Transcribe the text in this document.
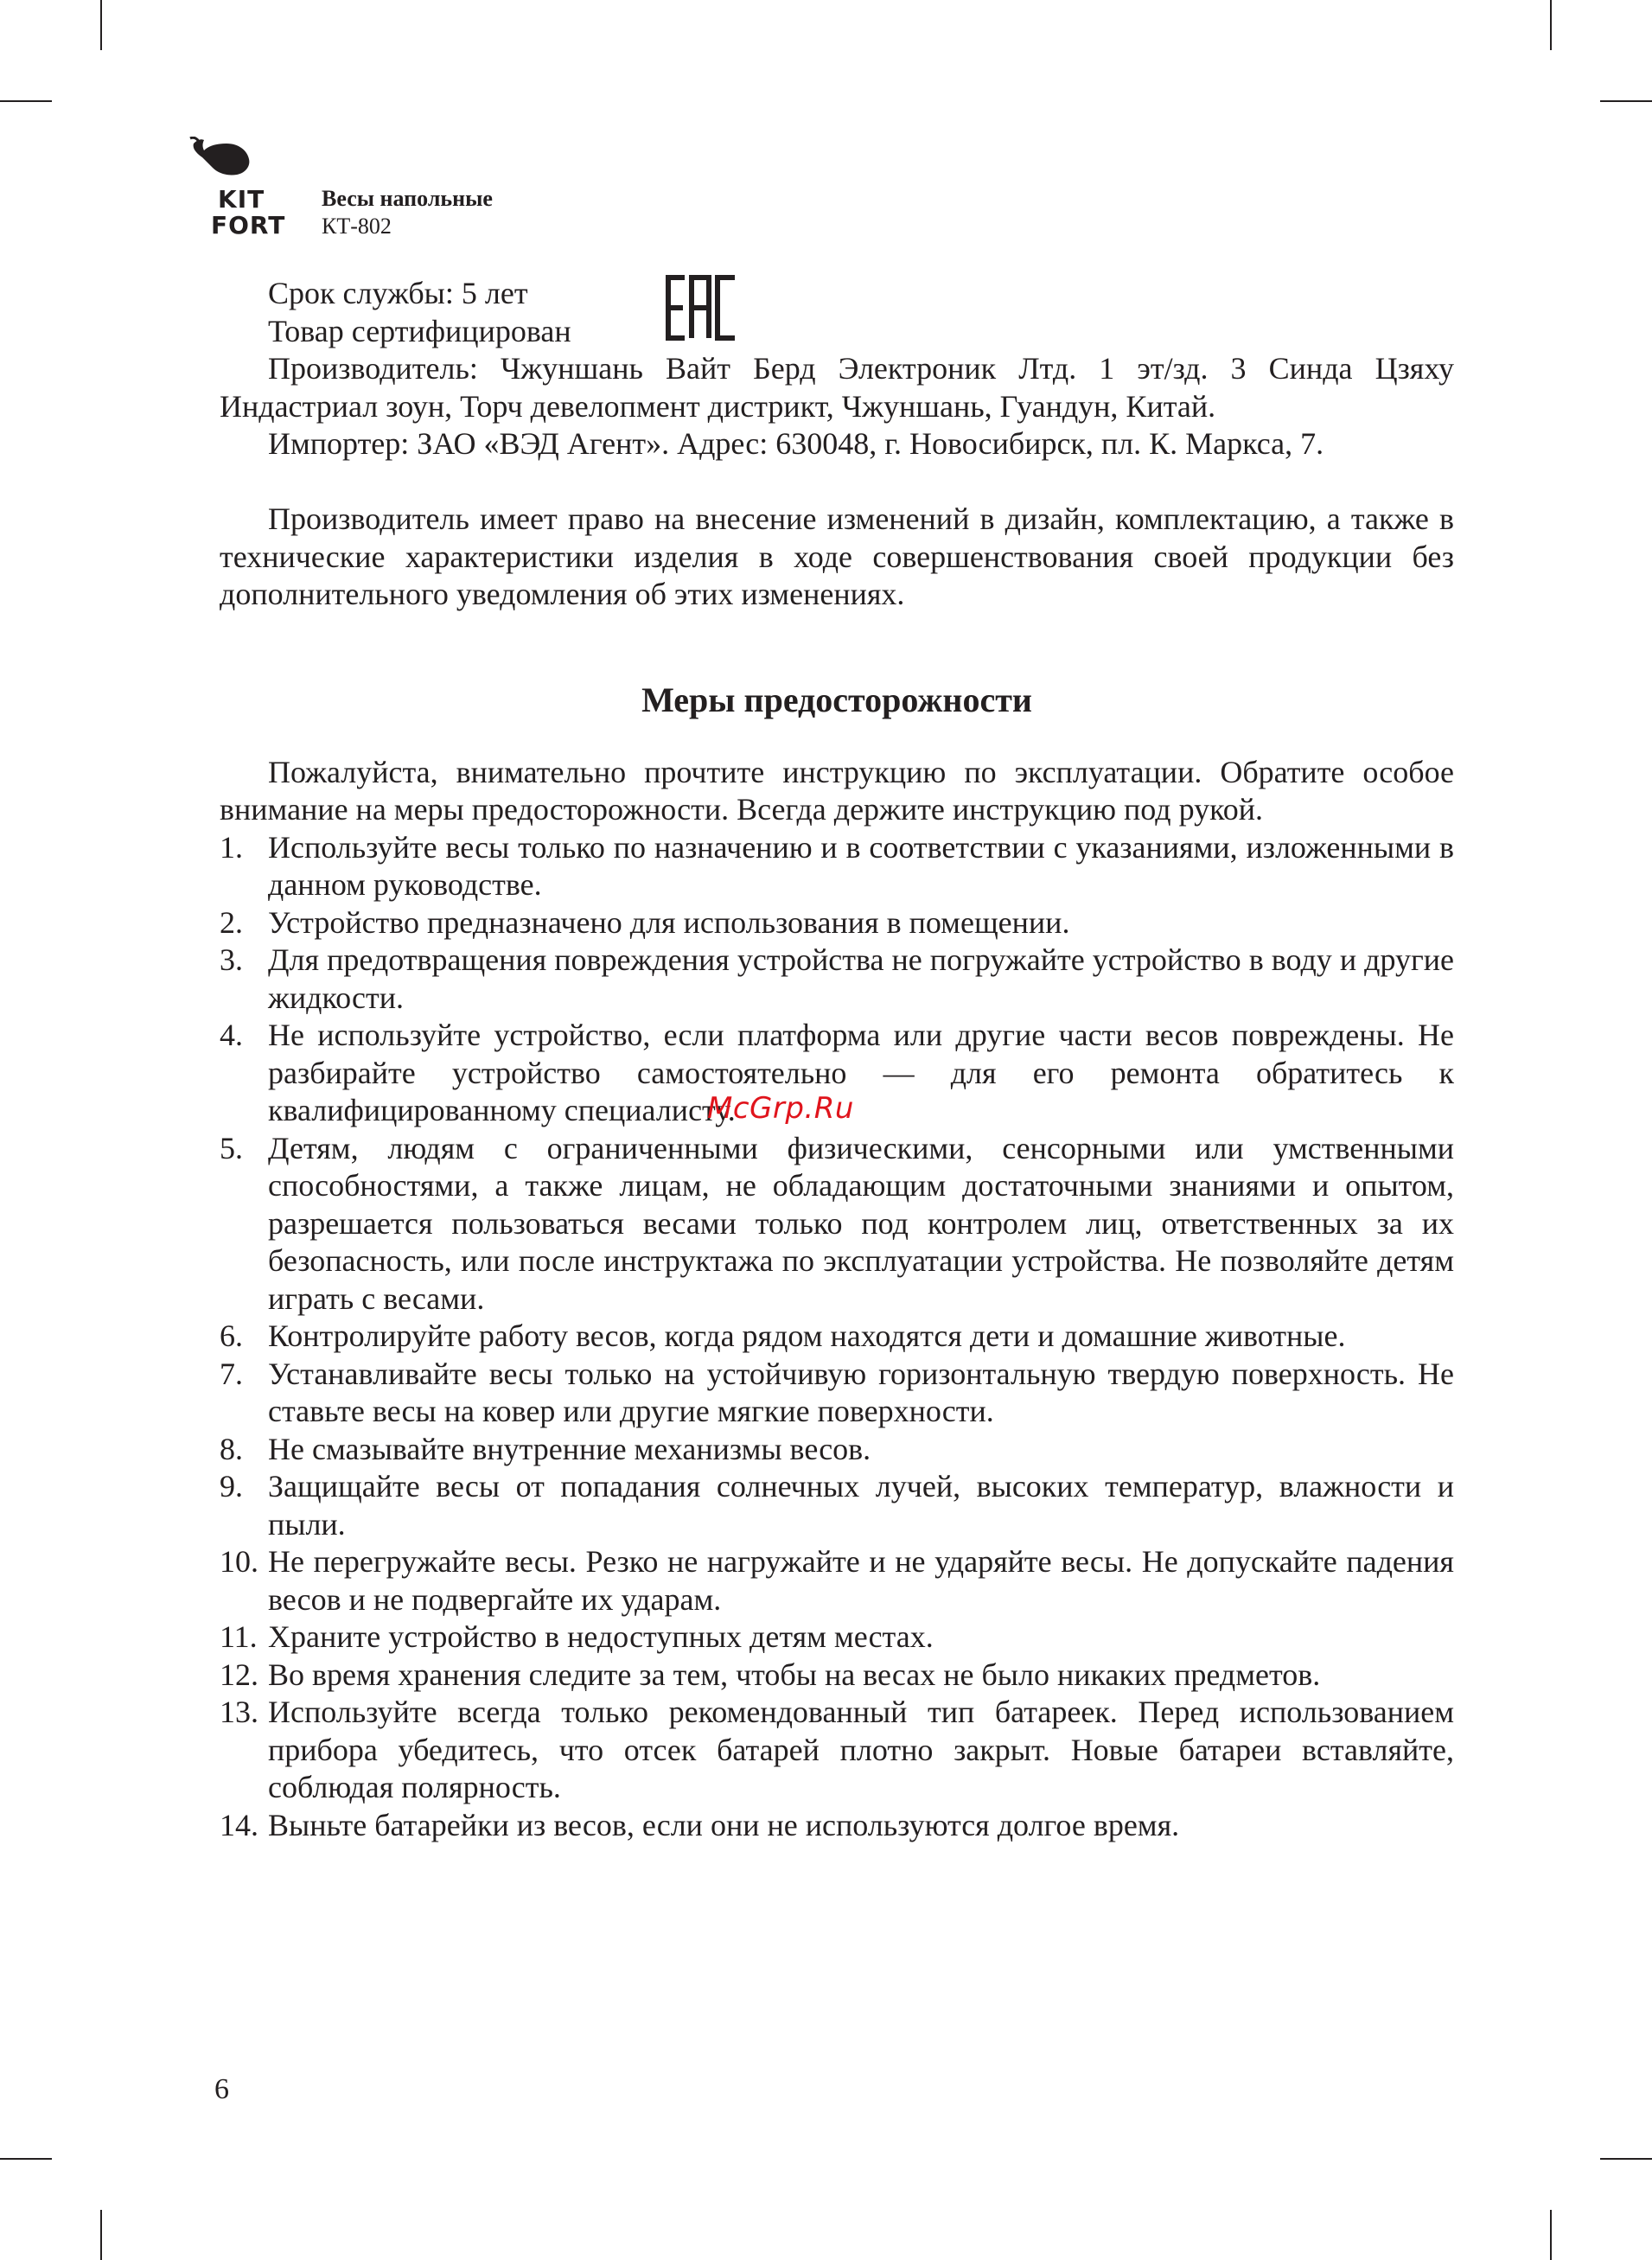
KIT
FORT
Весы напольные
КТ-802

Срок службы: 5 лет

Товар сертифицирован

Производитель: Чжуншань Вайт Берд Электроник Лтд. 1 эт/зд. 3 Синда Цзяху Индастриал зоун, Торч девелопмент дистрикт, Чжуншань, Гуандун, Китай.

Импортер: ЗАО «ВЭД Агент». Адрес: 630048, г. Новосибирск, пл. К. Маркса, 7.

Производитель имеет право на внесение изменений в дизайн, комплектацию, а также в технические характеристики изделия в ходе совершенствования своей продукции без дополнительного уведомления об этих изменениях.

Меры предосторожности

Пожалуйста, внимательно прочтите инструкцию по эксплуатации. Обратите особое внимание на меры предосторожности. Всегда держите инструкцию под рукой.

1. Используйте весы только по назначению и в соответствии с указаниями, изложенными в данном руководстве.
2. Устройство предназначено для использования в помещении.
3. Для предотвращения повреждения устройства не погружайте устройство в воду и другие жидкости.
4. Не используйте устройство, если платформа или другие части весов повреждены. Не разбирайте устройство самостоятельно — для его ремонта обратитесь к квалифицированному специалисту.
5. Детям, людям с ограниченными физическими, сенсорными или умственными способностями, а также лицам, не обладающим достаточными знаниями и опытом, разрешается пользоваться весами только под контролем лиц, ответственных за их безопасность, или после инструктажа по эксплуатации устройства. Не позволяйте детям играть с весами.
6. Контролируйте работу весов, когда рядом находятся дети и домашние животные.
7. Устанавливайте весы только на устойчивую горизонтальную твердую поверхность. Не ставьте весы на ковер или другие мягкие поверхности.
8. Не смазывайте внутренние механизмы весов.
9. Защищайте весы от попадания солнечных лучей, высоких температур, влажности и пыли.
10. Не перегружайте весы. Резко не нагружайте и не ударяйте весы. Не допускайте падения весов и не подвергайте их ударам.
11. Храните устройство в недоступных детям местах.
12. Во время хранения следите за тем, чтобы на весах не было никаких предметов.
13. Используйте всегда только рекомендованный тип батареек. Перед использованием прибора убедитесь, что отсек батарей плотно закрыт. Новые батареи вставляйте, соблюдая полярность.
14. Выньте батарейки из весов, если они не используются долгое время.
McGrp.Ru
6
